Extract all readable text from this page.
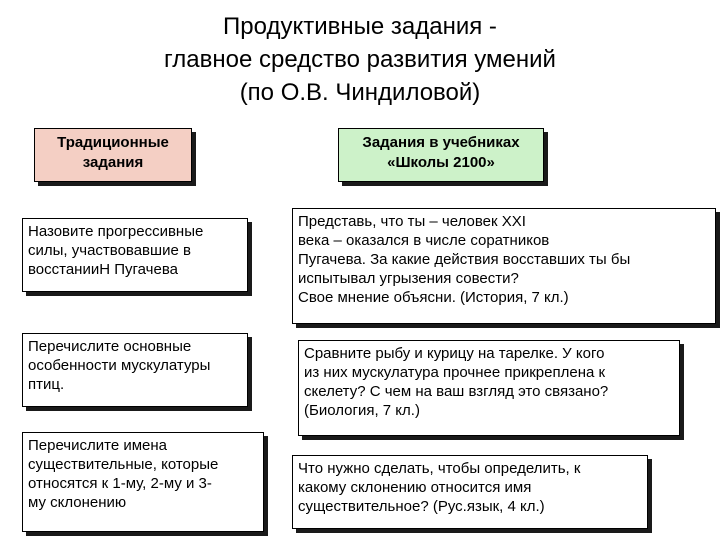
Продуктивные задания -
главное средство развития умений
(по О.В. Чиндиловой)
Традиционные
задания
Задания в учебниках
«Школы 2100»
Назовите прогрессивные
силы, участвовавшие в
восстанииН Пугачева
Представь, что ты – человек XXI
века – оказался в числе соратников
Пугачева. За какие действия восставших ты бы
испытывал угрызения совести?
Свое мнение объясни. (История, 7 кл.)
Перечислите основные
особенности мускулатуры
птиц.
Сравните рыбу и курицу на тарелке. У кого
из них мускулатура прочнее прикреплена к
скелету? С чем на ваш взгляд это связано?
(Биология, 7 кл.)
Перечислите имена
существительные, которые
относятся к 1-му, 2-му и 3-
му склонению
Что нужно сделать, чтобы определить, к
какому склонению относится имя
существительное? (Рус.язык, 4 кл.)
